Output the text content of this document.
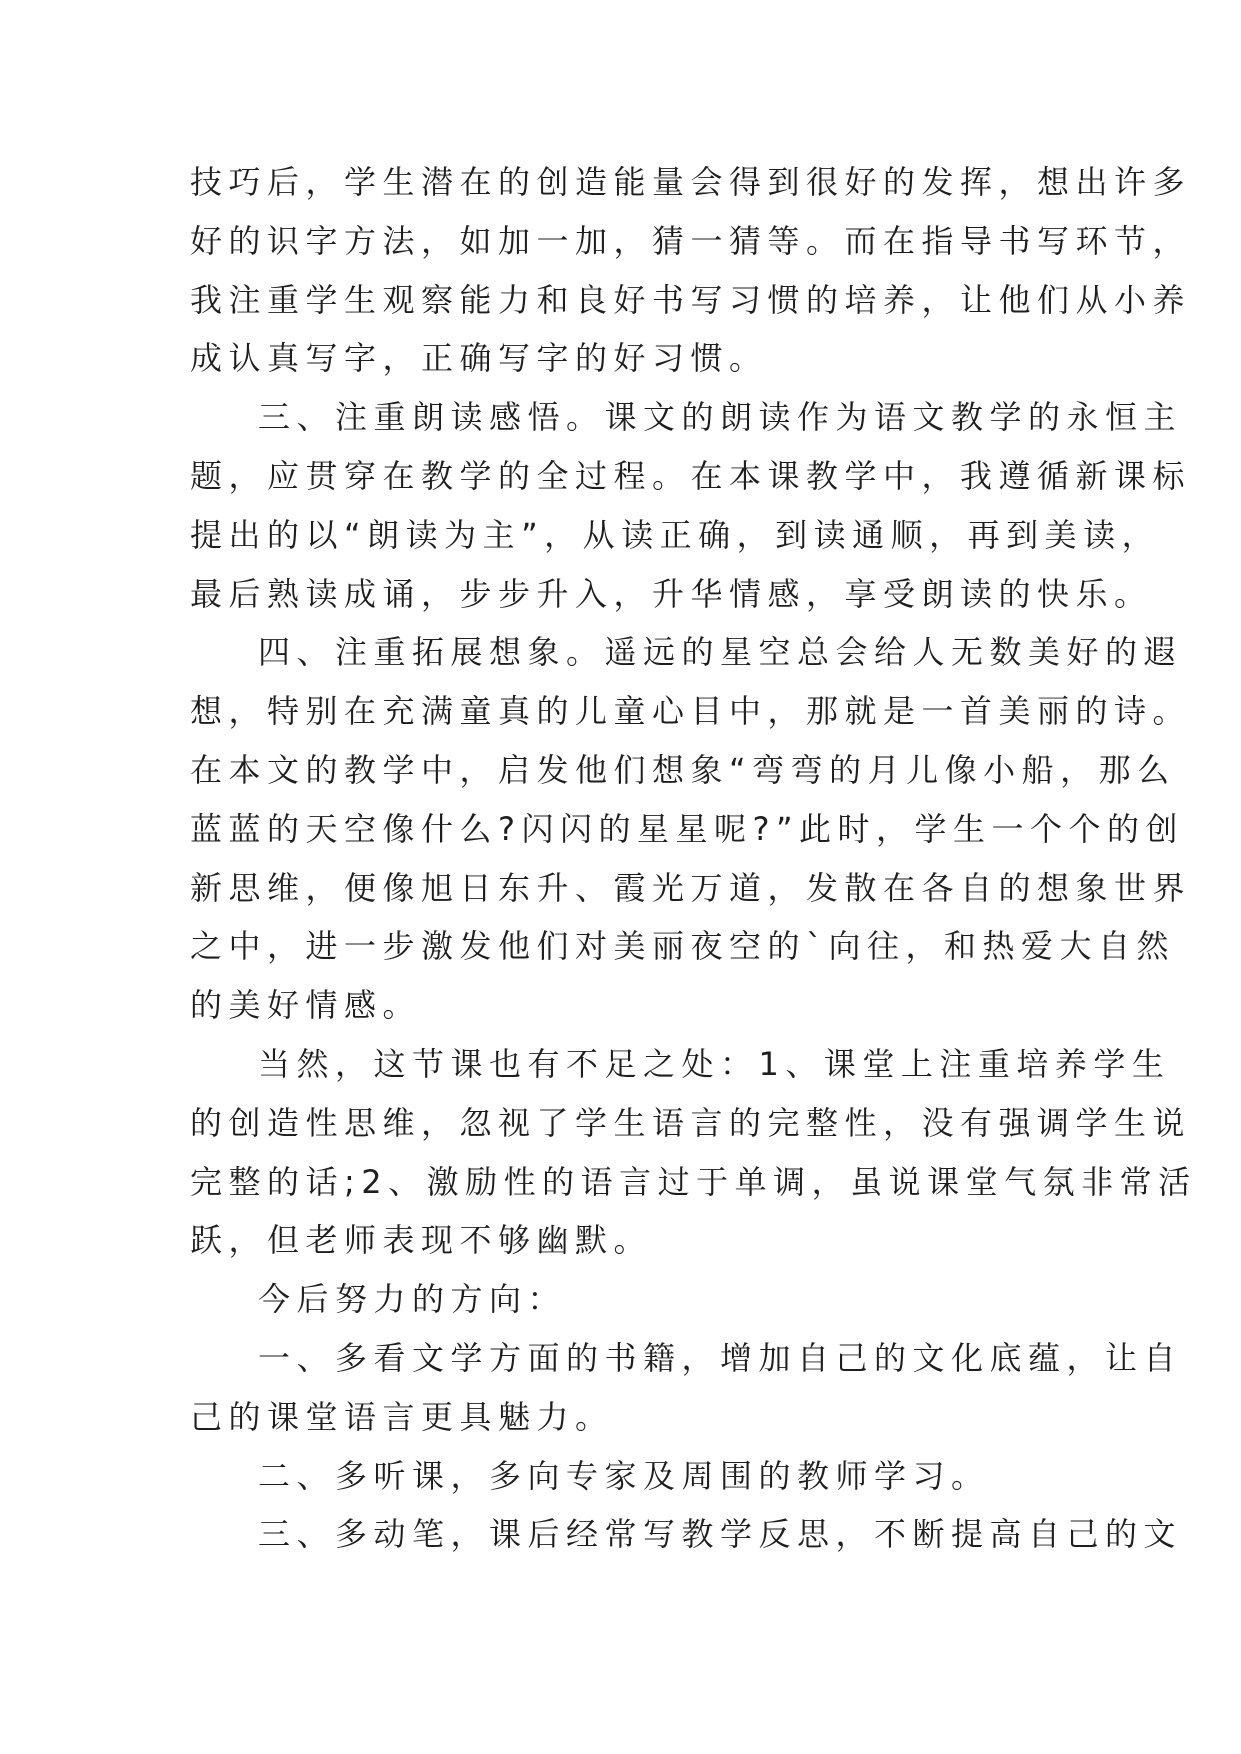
技巧后，学生潜在的创造能量会得到很好的发挥，想出许多
好的识字方法，如加一加，猜一猜等。而在指导书写环节，
我注重学生观察能力和良好书写习惯的培养，让他们从小养
成认真写字，正确写字的好习惯。
三、注重朗读感悟。课文的朗读作为语文教学的永恒主
题，应贯穿在教学的全过程。在本课教学中，我遵循新课标
提出的以“朗读为主”，从读正确，到读通顺，再到美读，
最后熟读成诵，步步升入，升华情感，享受朗读的快乐。
四、注重拓展想象。遥远的星空总会给人无数美好的遐
想，特别在充满童真的儿童心目中，那就是一首美丽的诗。
在本文的教学中，启发他们想象“弯弯的月儿像小船，那么
蓝蓝的天空像什么?闪闪的星星呢?”此时，学生一个个的创
新思维，便像旭日东升、霞光万道，发散在各自的想象世界
之中，进一步激发他们对美丽夜空的`向往，和热爱大自然
的美好情感。
当然，这节课也有不足之处：1、课堂上注重培养学生
的创造性思维，忽视了学生语言的完整性，没有强调学生说
完整的话;2、激励性的语言过于单调，虽说课堂气氛非常活
跃，但老师表现不够幽默。
今后努力的方向：
一、多看文学方面的书籍，增加自己的文化底蕴，让自
己的课堂语言更具魅力。
二、多听课，多向专家及周围的教师学习。
三、多动笔，课后经常写教学反思，不断提高自己的文
